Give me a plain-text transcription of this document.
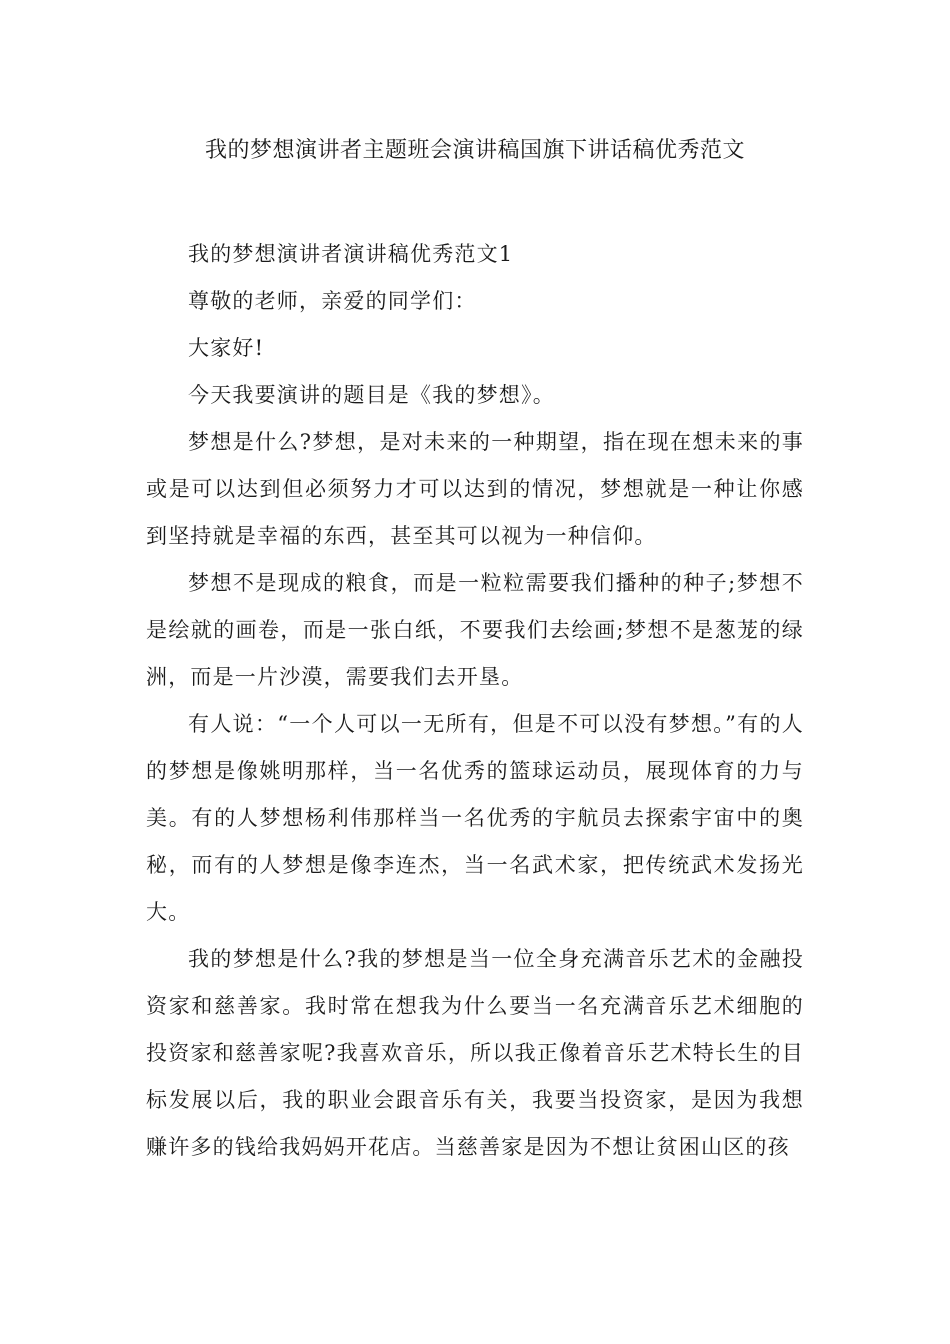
我的梦想演讲者主题班会演讲稿国旗下讲话稿优秀范文

我的梦想演讲者演讲稿优秀范文1

尊敬的老师，亲爱的同学们：

大家好!

今天我要演讲的题目是《我的梦想》。

梦想是什么?梦想，是对未来的一种期望，指在现在想未来的事或是可以达到但必须努力才可以达到的情况，梦想就是一种让你感到坚持就是幸福的东西，甚至其可以视为一种信仰。

梦想不是现成的粮食，而是一粒粒需要我们播种的种子;梦想不是绘就的画卷，而是一张白纸，不要我们去绘画;梦想不是葱茏的绿洲，而是一片沙漠，需要我们去开垦。

有人说：“一个人可以一无所有，但是不可以没有梦想。”有的人的梦想是像姚明那样，当一名优秀的篮球运动员，展现体育的力与美。有的人梦想杨利伟那样当一名优秀的宇航员去探索宇宙中的奥秘，而有的人梦想是像李连杰，当一名武术家，把传统武术发扬光大。

我的梦想是什么?我的梦想是当一位全身充满音乐艺术的金融投资家和慈善家。我时常在想我为什么要当一名充满音乐艺术细胞的投资家和慈善家呢?我喜欢音乐，所以我正像着音乐艺术特长生的目标发展以后，我的职业会跟音乐有关，我要当投资家，是因为我想赚许多的钱给我妈妈开花店。当慈善家是因为不想让贫困山区的孩
